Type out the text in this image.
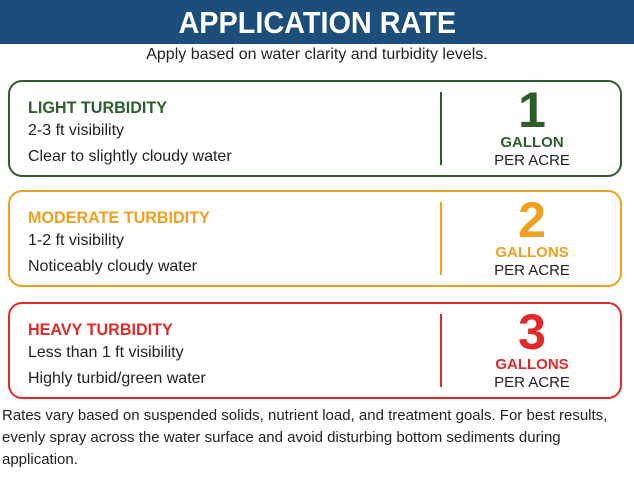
APPLICATION RATE
Apply based on water clarity and turbidity levels.

LIGHT TURBIDITY

2-3 ft visibility

Clear to slightly cloudy water

1

GALLON

PER ACRE

MODERATE TURBIDITY

1-2 ft visibility

Noticeably cloudy water

2

GALLONS

PER ACRE

HEAVY TURBIDITY

Less than 1 ft visibility

Highly turbid/green water

3

GALLONS

PER ACRE

Rates vary based on suspended solids, nutrient load, and treatment goals. For best results, evenly spray across the water surface and avoid disturbing bottom sediments during application.
